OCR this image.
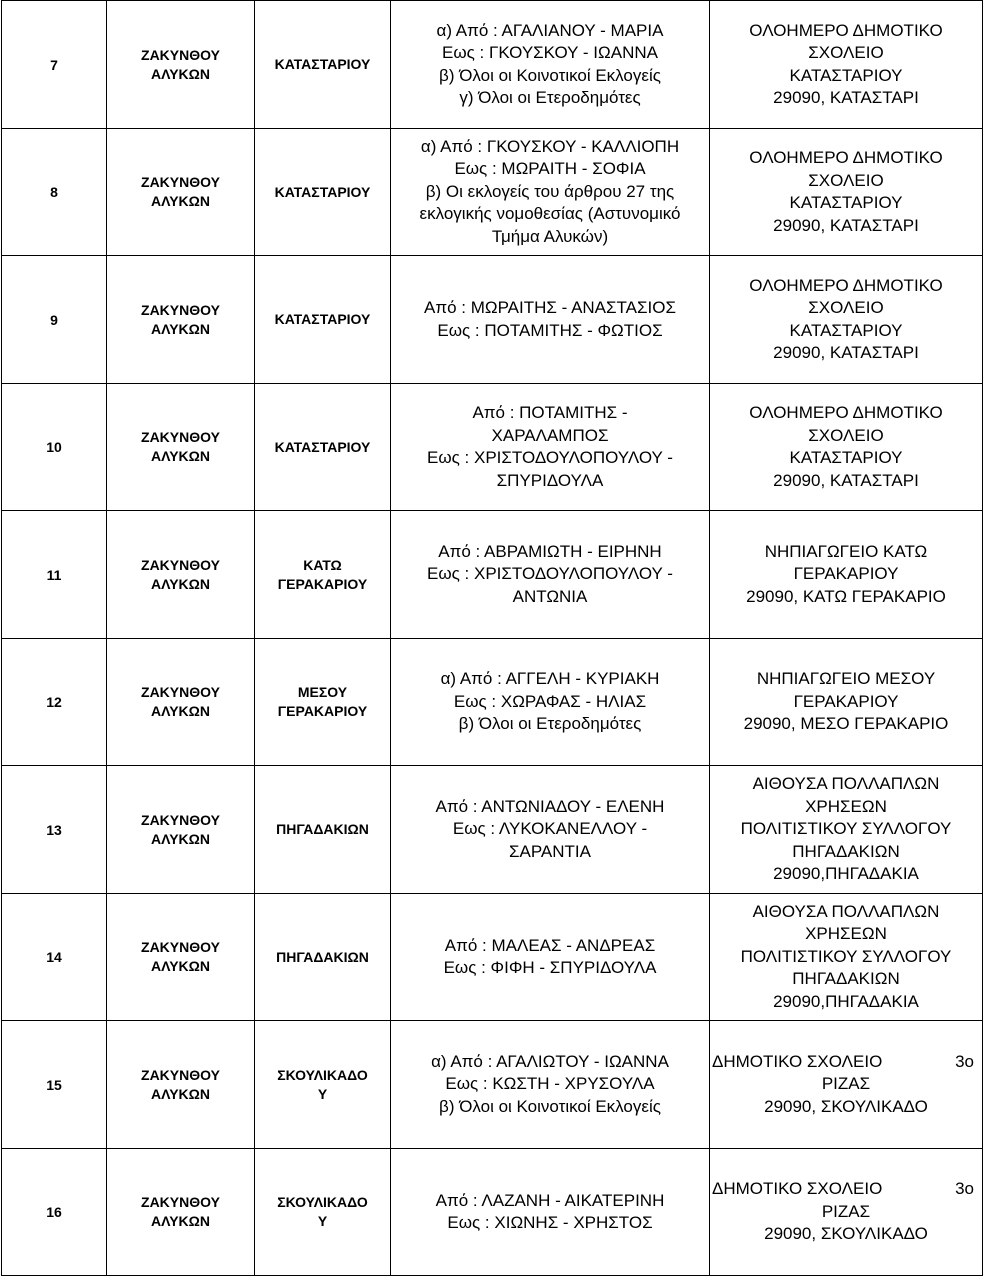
7	ΖΑΚΥΝΘΟΥ
ΑΛΥΚΩΝ	ΚΑΤΑΣΤΑΡΙΟΥ	α) Από : ΑΓΑΛΙΑΝΟΥ - ΜΑΡΙΑ
Εως : ΓΚΟΥΣΚΟΥ - ΙΩΑΝΝΑ
β) Όλοι οι Κοινοτικοί Εκλογείς
γ) Όλοι οι Ετεροδημότες	ΟΛΟΗΜΕΡΟ ΔΗΜΟΤΙΚΟ
ΣΧΟΛΕΙΟ
ΚΑΤΑΣΤΑΡΙΟΥ
29090, ΚΑΤΑΣΤΑΡΙ

8	ΖΑΚΥΝΘΟΥ
ΑΛΥΚΩΝ	ΚΑΤΑΣΤΑΡΙΟΥ	α) Από : ΓΚΟΥΣΚΟΥ - ΚΑΛΛΙΟΠΗ
Εως : ΜΩΡΑΙΤΗ - ΣΟΦΙΑ
β) Οι εκλογείς του άρθρου 27 της
εκλογικής νομοθεσίας (Αστυνομικό
Τμήμα Αλυκών)	ΟΛΟΗΜΕΡΟ ΔΗΜΟΤΙΚΟ
ΣΧΟΛΕΙΟ
ΚΑΤΑΣΤΑΡΙΟΥ
29090, ΚΑΤΑΣΤΑΡΙ

9	ΖΑΚΥΝΘΟΥ
ΑΛΥΚΩΝ	ΚΑΤΑΣΤΑΡΙΟΥ	Από : ΜΩΡΑΙΤΗΣ - ΑΝΑΣΤΑΣΙΟΣ
Εως : ΠΟΤΑΜΙΤΗΣ - ΦΩΤΙΟΣ	ΟΛΟΗΜΕΡΟ ΔΗΜΟΤΙΚΟ
ΣΧΟΛΕΙΟ
ΚΑΤΑΣΤΑΡΙΟΥ
29090, ΚΑΤΑΣΤΑΡΙ

10	ΖΑΚΥΝΘΟΥ
ΑΛΥΚΩΝ	ΚΑΤΑΣΤΑΡΙΟΥ	Από : ΠΟΤΑΜΙΤΗΣ -
ΧΑΡΑΛΑΜΠΟΣ
Εως : ΧΡΙΣΤΟΔΟΥΛΟΠΟΥΛΟΥ -
ΣΠΥΡΙΔΟΥΛΑ	ΟΛΟΗΜΕΡΟ ΔΗΜΟΤΙΚΟ
ΣΧΟΛΕΙΟ
ΚΑΤΑΣΤΑΡΙΟΥ
29090, ΚΑΤΑΣΤΑΡΙ

11	ΖΑΚΥΝΘΟΥ
ΑΛΥΚΩΝ	ΚΑΤΩ
ΓΕΡΑΚΑΡΙΟΥ	Από : ΑΒΡΑΜΙΩΤΗ - ΕΙΡΗΝΗ
Εως : ΧΡΙΣΤΟΔΟΥΛΟΠΟΥΛΟΥ -
ΑΝΤΩΝΙΑ	ΝΗΠΙΑΓΩΓΕΙΟ ΚΑΤΩ
ΓΕΡΑΚΑΡΙΟΥ
29090, ΚΑΤΩ ΓΕΡΑΚΑΡΙΟ

12	ΖΑΚΥΝΘΟΥ
ΑΛΥΚΩΝ	ΜΕΣΟΥ
ΓΕΡΑΚΑΡΙΟΥ	α) Από : ΑΓΓΕΛΗ - ΚΥΡΙΑΚΗ
Εως : ΧΩΡΑΦΑΣ - ΗΛΙΑΣ
β) Όλοι οι Ετεροδημότες	ΝΗΠΙΑΓΩΓΕΙΟ ΜΕΣΟΥ
ΓΕΡΑΚΑΡΙΟΥ
29090, ΜΕΣΟ ΓΕΡΑΚΑΡΙΟ

13	ΖΑΚΥΝΘΟΥ
ΑΛΥΚΩΝ	ΠΗΓΑΔΑΚΙΩΝ	Από : ΑΝΤΩΝΙΑΔΟΥ - ΕΛΕΝΗ
Εως : ΛΥΚΟΚΑΝΕΛΛΟΥ -
ΣΑΡΑΝΤΙΑ	ΑΙΘΟΥΣΑ ΠΟΛΛΑΠΛΩΝ
ΧΡΗΣΕΩΝ
ΠΟΛΙΤΙΣΤΙΚΟΥ ΣΥΛΛΟΓΟΥ
ΠΗΓΑΔΑΚΙΩΝ
29090,ΠΗΓΑΔΑΚΙΑ

14	ΖΑΚΥΝΘΟΥ
ΑΛΥΚΩΝ	ΠΗΓΑΔΑΚΙΩΝ	Από : ΜΑΛΕΑΣ - ΑΝΔΡΕΑΣ
Εως : ΦΙΦΗ - ΣΠΥΡΙΔΟΥΛΑ	ΑΙΘΟΥΣΑ ΠΟΛΛΑΠΛΩΝ
ΧΡΗΣΕΩΝ
ΠΟΛΙΤΙΣΤΙΚΟΥ ΣΥΛΛΟΓΟΥ
ΠΗΓΑΔΑΚΙΩΝ
29090,ΠΗΓΑΔΑΚΙΑ

15	ΖΑΚΥΝΘΟΥ
ΑΛΥΚΩΝ	ΣΚΟΥΛΙΚΑΔΟ
Υ	α) Από : ΑΓΑΛΙΩΤΟΥ - ΙΩΑΝΝΑ
Εως : ΚΩΣΤΗ - ΧΡΥΣΟΥΛΑ
β) Όλοι οι Κοινοτικοί Εκλογείς	ΔΗΜΟΤΙΚΟ ΣΧΟΛΕΙΟ 3ο
ΡΙΖΑΣ
29090, ΣΚΟΥΛΙΚΑΔΟ

16	ΖΑΚΥΝΘΟΥ
ΑΛΥΚΩΝ	ΣΚΟΥΛΙΚΑΔΟ
Υ	Από : ΛΑΖΑΝΗ - ΑΙΚΑΤΕΡΙΝΗ
Εως : ΧΙΩΝΗΣ - ΧΡΗΣΤΟΣ	ΔΗΜΟΤΙΚΟ ΣΧΟΛΕΙΟ 3ο
ΡΙΖΑΣ
29090, ΣΚΟΥΛΙΚΑΔΟ
